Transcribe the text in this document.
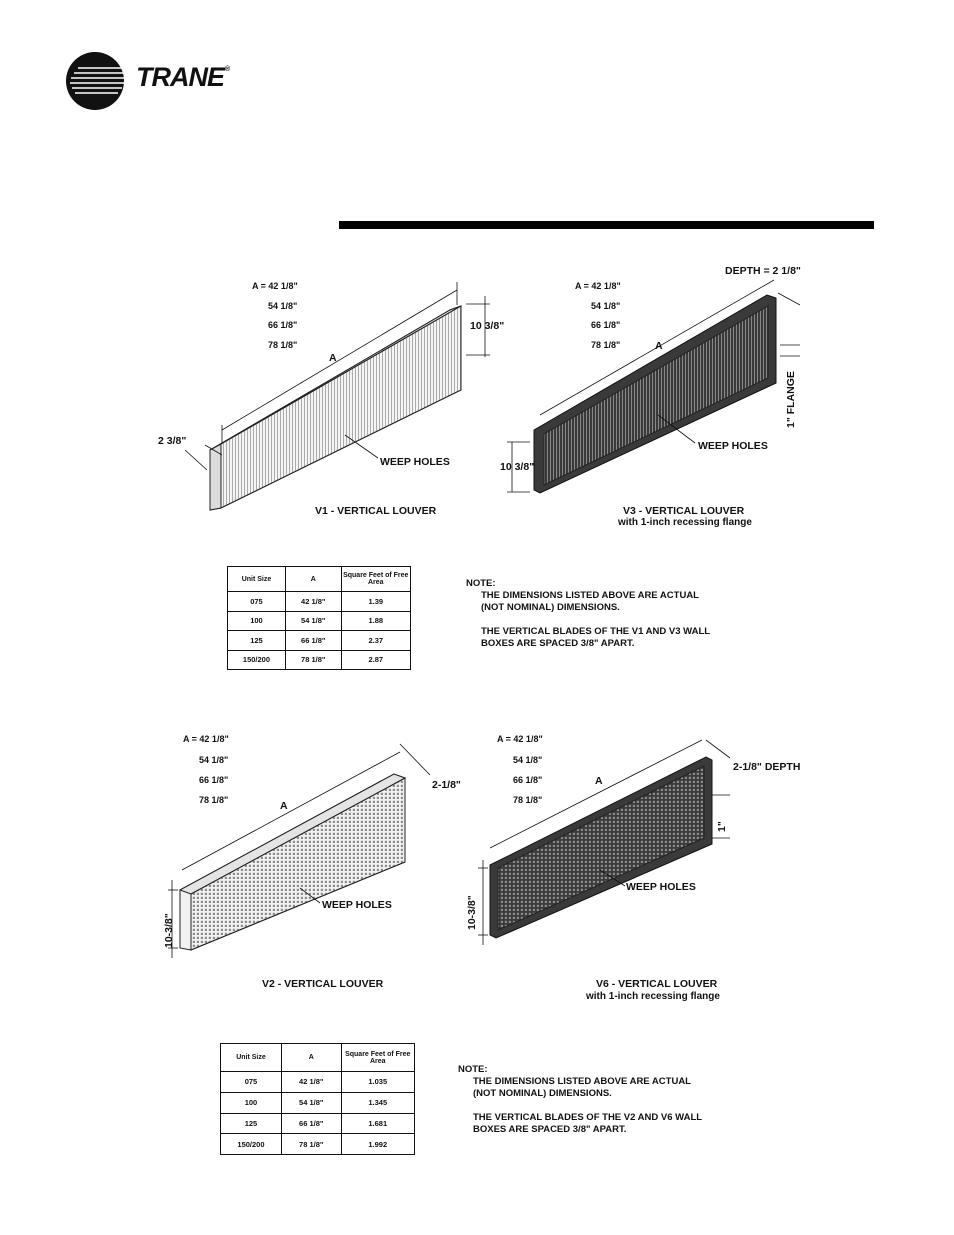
TRANE®
A = 42 1/8"
54 1/8"
66 1/8"
78 1/8"
A
10 3/8"
2 3/8"
WEEP HOLES
V1 - VERTICAL LOUVER
A = 42 1/8"
54 1/8"
66 1/8"
78 1/8"	A
DEPTH = 2 1/8"
1" FLANGE
10 3/8"
WEEP HOLES
V3 - VERTICAL LOUVER
with 1-inch recessing flange
Unit Size	A	Square Feet of Free Area
075	42 1/8"	1.39
100	54 1/8"	1.88
125	66 1/8"	2.37
150/200	78 1/8"	2.87
NOTE:
THE DIMENSIONS LISTED ABOVE ARE ACTUAL
(NOT NOMINAL) DIMENSIONS.
THE VERTICAL BLADES OF THE V1 AND V3 WALL
BOXES ARE SPACED 3/8" APART.
A = 42 1/8"
54 1/8"
66 1/8"
78 1/8"	A
2-1/8"
10-3/8"
WEEP HOLES
V2 - VERTICAL LOUVER
A = 42 1/8"
54 1/8"
66 1/8"
78 1/8"
A
2-1/8" DEPTH
1"
10-3/8"
WEEP HOLES
V6 - VERTICAL LOUVER
with 1-inch recessing flange
Unit Size	A	Square Feet of Free Area
075	42 1/8"	1.035
100	54 1/8"	1.345
125	66 1/8"	1.681
150/200	78 1/8"	1.992
NOTE:
THE DIMENSIONS LISTED ABOVE ARE ACTUAL
(NOT NOMINAL) DIMENSIONS.
THE VERTICAL BLADES OF THE V2 AND V6 WALL
BOXES ARE SPACED 3/8" APART.
